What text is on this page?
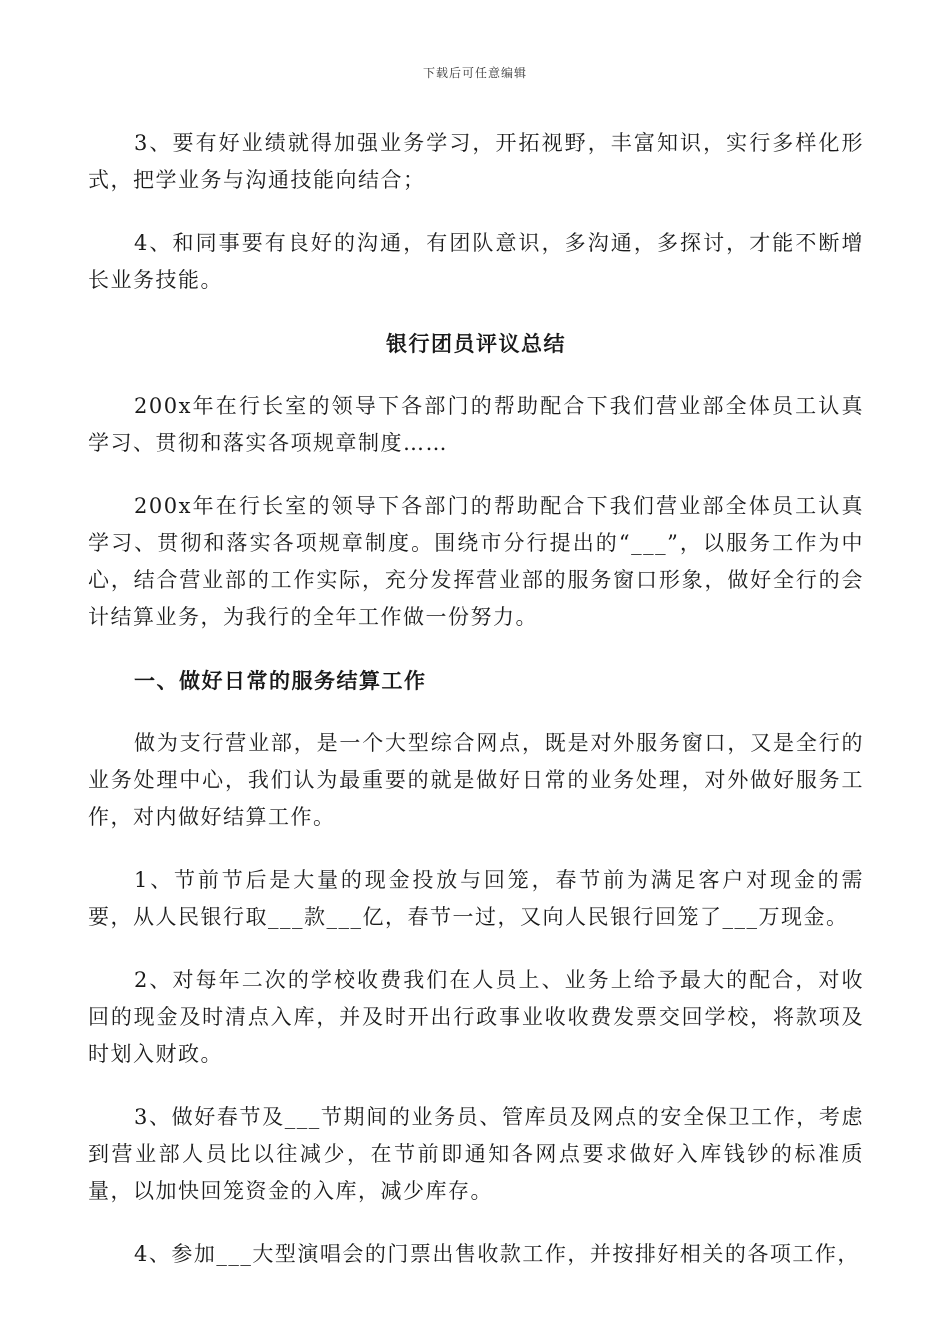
下载后可任意编辑

3、要有好业绩就得加强业务学习，开拓视野，丰富知识，实行多样化形式，把学业务与沟通技能向结合；

4、和同事要有良好的沟通，有团队意识，多沟通，多探讨，才能不断增长业务技能。

银行团员评议总结

200x年在行长室的领导下各部门的帮助配合下我们营业部全体员工认真学习、贯彻和落实各项规章制度……

200x年在行长室的领导下各部门的帮助配合下我们营业部全体员工认真学习、贯彻和落实各项规章制度。围绕市分行提出的“___”，以服务工作为中心，结合营业部的工作实际，充分发挥营业部的服务窗口形象，做好全行的会计结算业务，为我行的全年工作做一份努力。

一、做好日常的服务结算工作

做为支行营业部，是一个大型综合网点，既是对外服务窗口，又是全行的业务处理中心，我们认为最重要的就是做好日常的业务处理，对外做好服务工作，对内做好结算工作。

1、节前节后是大量的现金投放与回笼，春节前为满足客户对现金的需要，从人民银行取___款___亿，春节一过，又向人民银行回笼了___万现金。

2、对每年二次的学校收费我们在人员上、业务上给予最大的配合，对收回的现金及时清点入库，并及时开出行政事业收收费发票交回学校，将款项及时划入财政。

3、做好春节及___节期间的业务员、管库员及网点的安全保卫工作，考虑到营业部人员比以往减少，在节前即通知各网点要求做好入库钱钞的标准质量，以加快回笼资金的入库，减少库存。

4、参加___大型演唱会的门票出售收款工作，并按排好相关的各项工作，
